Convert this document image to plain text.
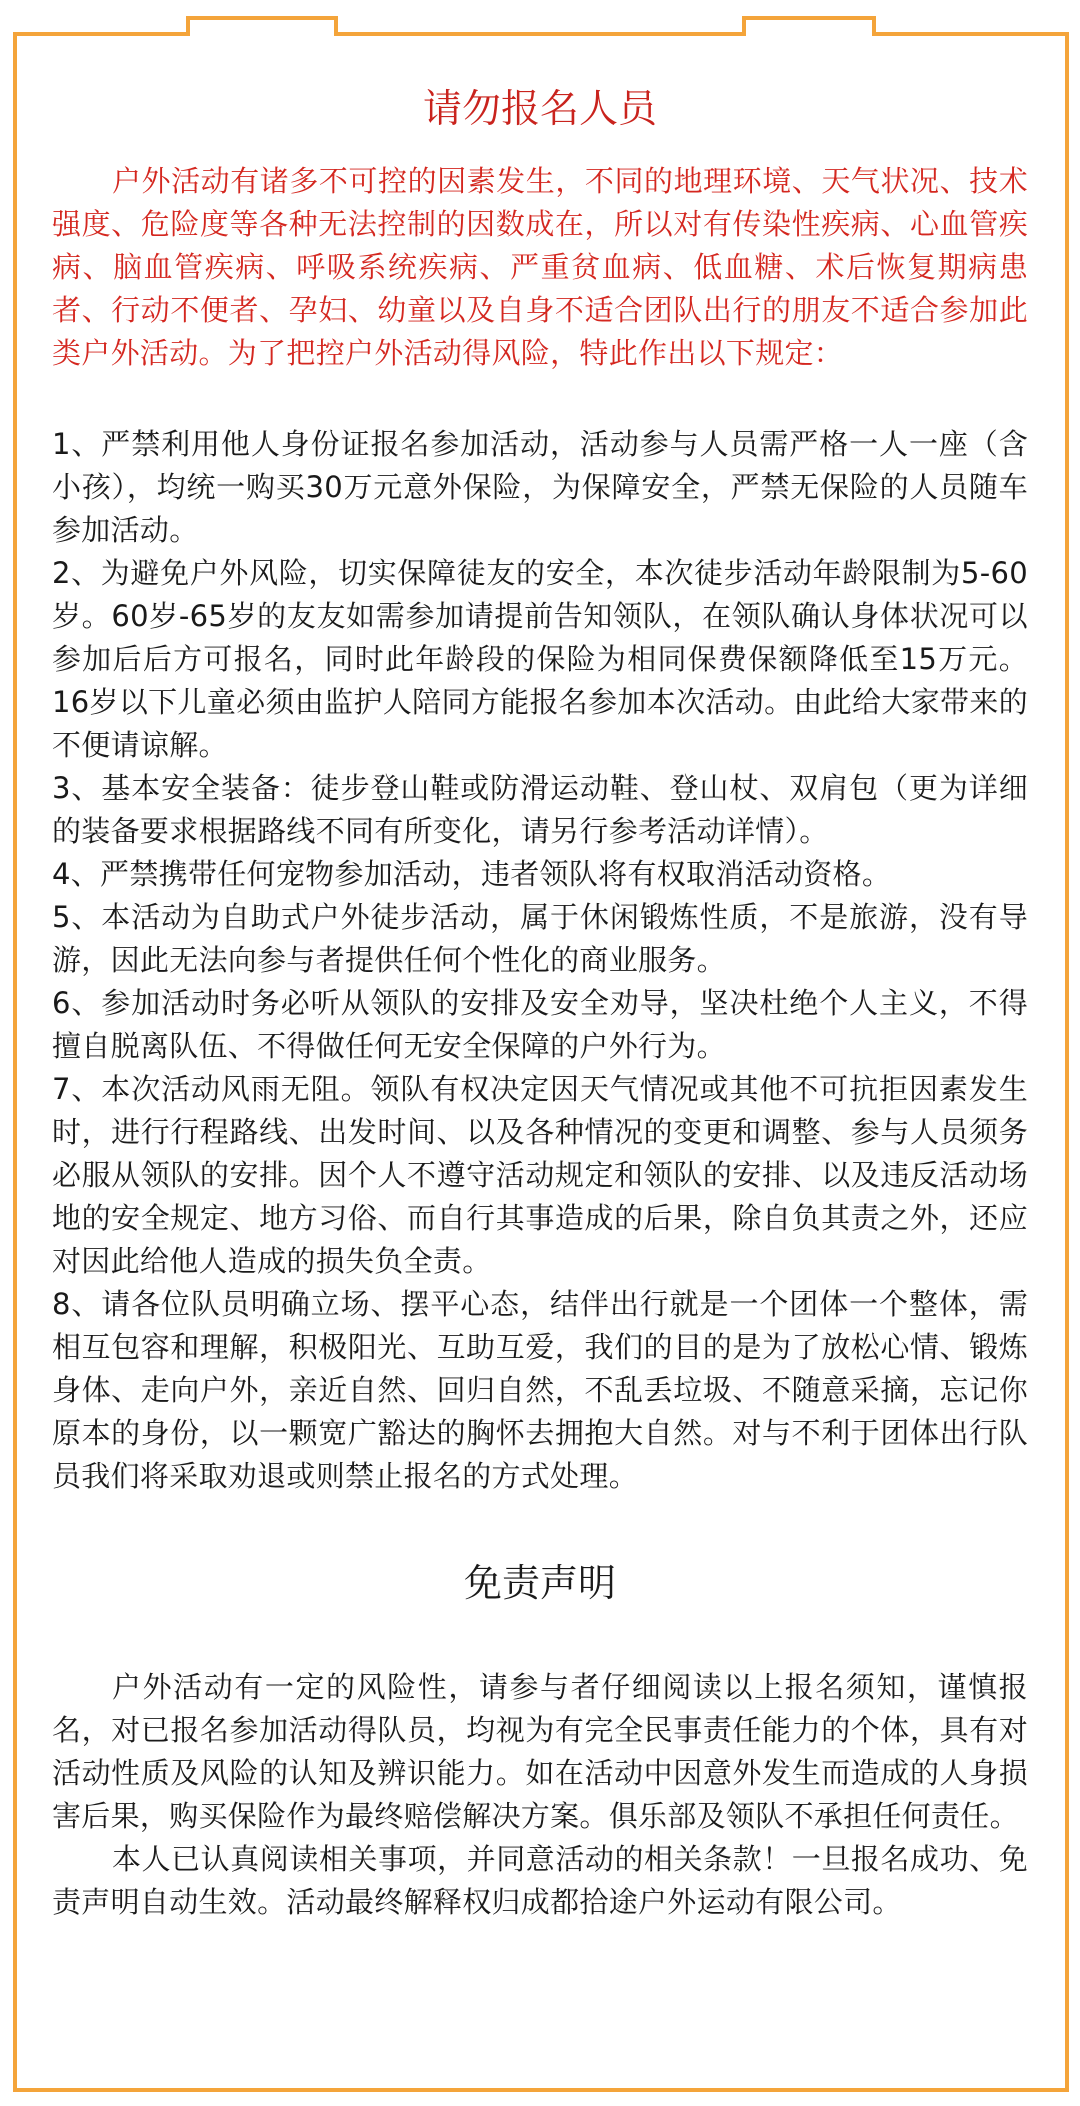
请勿报名人员

户外活动有诸多不可控的因素发生，不同的地理环境、天气状况、技术强度、危险度等各种无法控制的因数成在，所以对有传染性疾病、心血管疾病、脑血管疾病、呼吸系统疾病、严重贫血病、低血糖、术后恢复期病患者、行动不便者、孕妇、幼童以及自身不适合团队出行的朋友不适合参加此类户外活动。为了把控户外活动得风险，特此作出以下规定：

1、严禁利用他人身份证报名参加活动，活动参与人员需严格一人一座（含小孩），均统一购买30万元意外保险，为保障安全，严禁无保险的人员随车参加活动。

2、为避免户外风险，切实保障徒友的安全，本次徒步活动年龄限制为5-60岁。60岁-65岁的友友如需参加请提前告知领队，在领队确认身体状况可以参加后后方可报名，同时此年龄段的保险为相同保费保额降低至15万元。16岁以下儿童必须由监护人陪同方能报名参加本次活动。由此给大家带来的不便请谅解。

3、基本安全装备：徒步登山鞋或防滑运动鞋、登山杖、双肩包（更为详细的装备要求根据路线不同有所变化，请另行参考活动详情）。

4、严禁携带任何宠物参加活动，违者领队将有权取消活动资格。

5、本活动为自助式户外徒步活动，属于休闲锻炼性质，不是旅游，没有导游，因此无法向参与者提供任何个性化的商业服务。

6、参加活动时务必听从领队的安排及安全劝导，坚决杜绝个人主义，不得擅自脱离队伍、不得做任何无安全保障的户外行为。

7、本次活动风雨无阻。领队有权决定因天气情况或其他不可抗拒因素发生时，进行行程路线、出发时间、以及各种情况的变更和调整、参与人员须务必服从领队的安排。因个人不遵守活动规定和领队的安排、以及违反活动场地的安全规定、地方习俗、而自行其事造成的后果，除自负其责之外，还应对因此给他人造成的损失负全责。

8、请各位队员明确立场、摆平心态，结伴出行就是一个团体一个整体，需相互包容和理解，积极阳光、互助互爱，我们的目的是为了放松心情、锻炼身体、走向户外，亲近自然、回归自然，不乱丢垃圾、不随意采摘，忘记你原本的身份，以一颗宽广豁达的胸怀去拥抱大自然。对与不利于团体出行队员我们将采取劝退或则禁止报名的方式处理。

免责声明

户外活动有一定的风险性，请参与者仔细阅读以上报名须知，谨慎报名，对已报名参加活动得队员，均视为有完全民事责任能力的个体，具有对活动性质及风险的认知及辨识能力。如在活动中因意外发生而造成的人身损害后果，购买保险作为最终赔偿解决方案。俱乐部及领队不承担任何责任。

本人已认真阅读相关事项，并同意活动的相关条款！一旦报名成功、免责声明自动生效。活动最终解释权归成都拾途户外运动有限公司。
